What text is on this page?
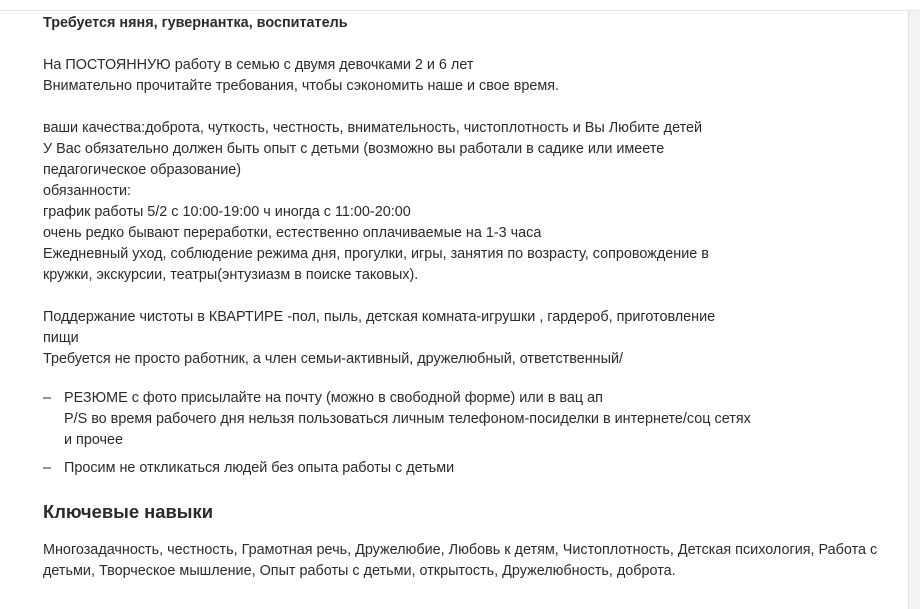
Требуется няня, гувернантка, воспитатель
На ПОСТОЯННУЮ работу в семью с двумя девочками 2 и 6 лет
Внимательно прочитайте требования, чтобы сэкономить наше и свое время.
ваши качества:доброта, чуткость, честность, внимательность, чистоплотность и Вы Любите детей
У Вас обязательно должен быть опыт с детьми (возможно вы работали в садике или имеете
педагогическое образование)
обязанности:
график работы 5/2 с 10:00-19:00 ч иногда с 11:00-20:00
очень редко бывают переработки, естественно оплачиваемые на 1-3 часа
Ежедневный уход, соблюдение режима дня, прогулки, игры, занятия по возрасту, сопровождение в
кружки, экскурсии, театры(энтузиазм в поиске таковых).
Поддержание чистоты в КВАРТИРЕ -пол, пыль, детская комната-игрушки , гардероб, приготовление
пищи
Требуется не просто работник, а член семьи-активный, дружелюбный, ответственный/
– РЕЗЮМЕ с фото присылайте на почту (можно в свободной форме) или в вац ап
P/S во время рабочего дня нельзя пользоваться личным телефоном-посиделки в интернете/соц сетях
и прочее
– Просим не откликаться людей без опыта работы с детьми
Ключевые навыки
Многозадачность, честность, Грамотная речь, Дружелюбие, Любовь к детям, Чистоплотность, Детская психология, Работа с детьми, Творческое мышление, Опыт работы с детьми, открытость, Дружелюбность, доброта.
